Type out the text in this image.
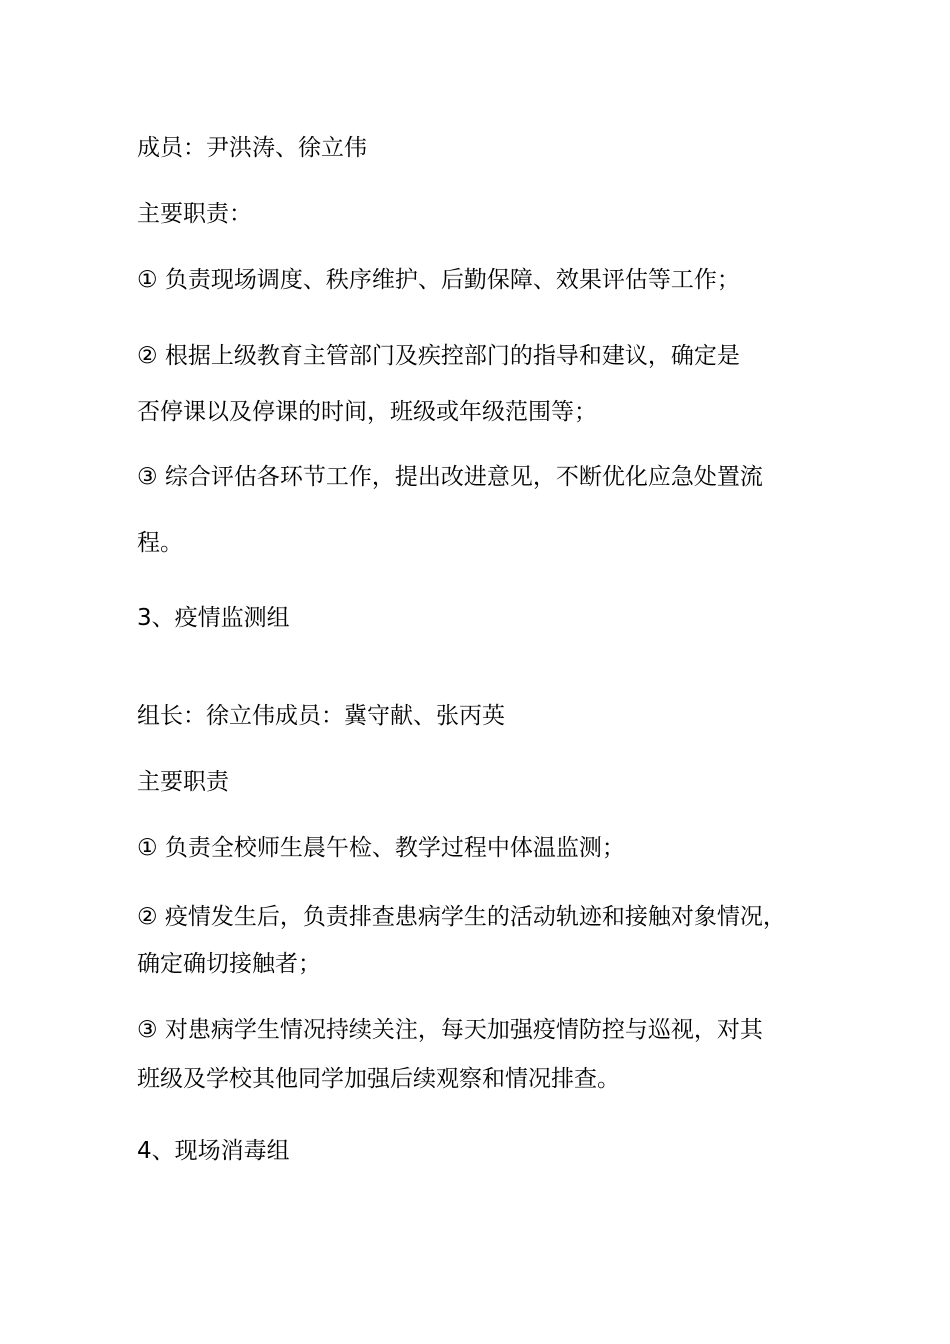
成员：尹洪涛、徐立伟
主要职责：
① 负责现场调度、秩序维护、后勤保障、效果评估等工作；
② 根据上级教育主管部门及疾控部门的指导和建议，确定是
否停课以及停课的时间，班级或年级范围等；
③ 综合评估各环节工作，提出改进意见，不断优化应急处置流
程。
3、疫情监测组
组长：徐立伟成员：冀守献、张丙英
主要职责
① 负责全校师生晨午检、教学过程中体温监测；
② 疫情发生后，负责排查患病学生的活动轨迹和接触对象情况，
确定确切接触者；
③ 对患病学生情况持续关注，每天加强疫情防控与巡视，对其
班级及学校其他同学加强后续观察和情况排查。
4、现场消毒组
